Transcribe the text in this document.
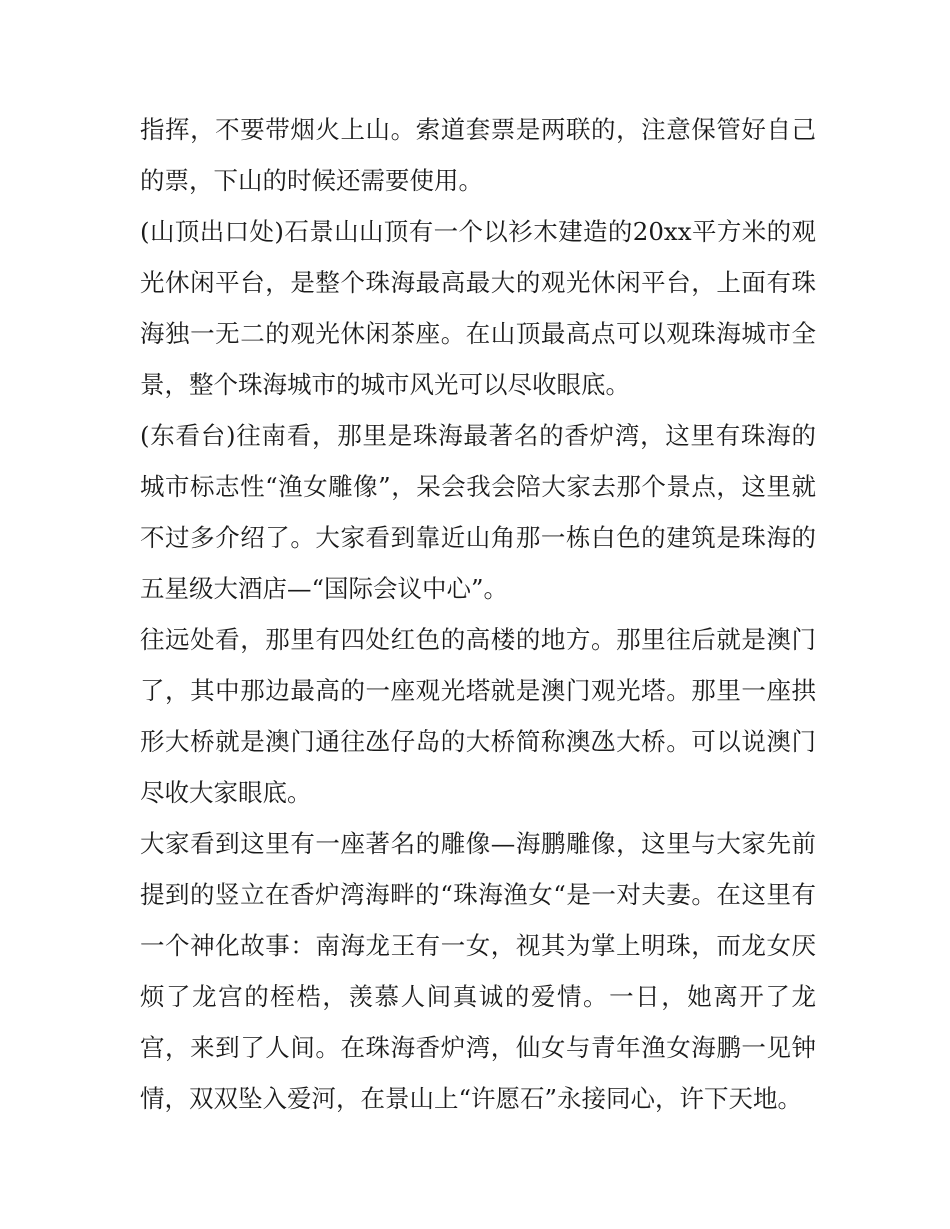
指挥，不要带烟火上山。索道套票是两联的，注意保管好自己的票，下山的时候还需要使用。

(山顶出口处)石景山山顶有一个以衫木建造的20xx平方米的观光休闲平台，是整个珠海最高最大的观光休闲平台，上面有珠海独一无二的观光休闲茶座。在山顶最高点可以观珠海城市全景，整个珠海城市的城市风光可以尽收眼底。

(东看台)往南看，那里是珠海最著名的香炉湾，这里有珠海的城市标志性“渔女雕像”，呆会我会陪大家去那个景点，这里就不过多介绍了。大家看到靠近山角那一栋白色的建筑是珠海的五星级大酒店—“国际会议中心”。

往远处看，那里有四处红色的高楼的地方。那里往后就是澳门了，其中那边最高的一座观光塔就是澳门观光塔。那里一座拱形大桥就是澳门通往氹仔岛的大桥简称澳氹大桥。可以说澳门尽收大家眼底。

大家看到这里有一座著名的雕像—海鹏雕像，这里与大家先前提到的竖立在香炉湾海畔的“珠海渔女“是一对夫妻。在这里有一个神化故事：南海龙王有一女，视其为掌上明珠，而龙女厌烦了龙宫的桎梏，羡慕人间真诚的爱情。一日，她离开了龙宫，来到了人间。在珠海香炉湾，仙女与青年渔女海鹏一见钟情，双双坠入爱河，在景山上“许愿石”永接同心，许下天地。
